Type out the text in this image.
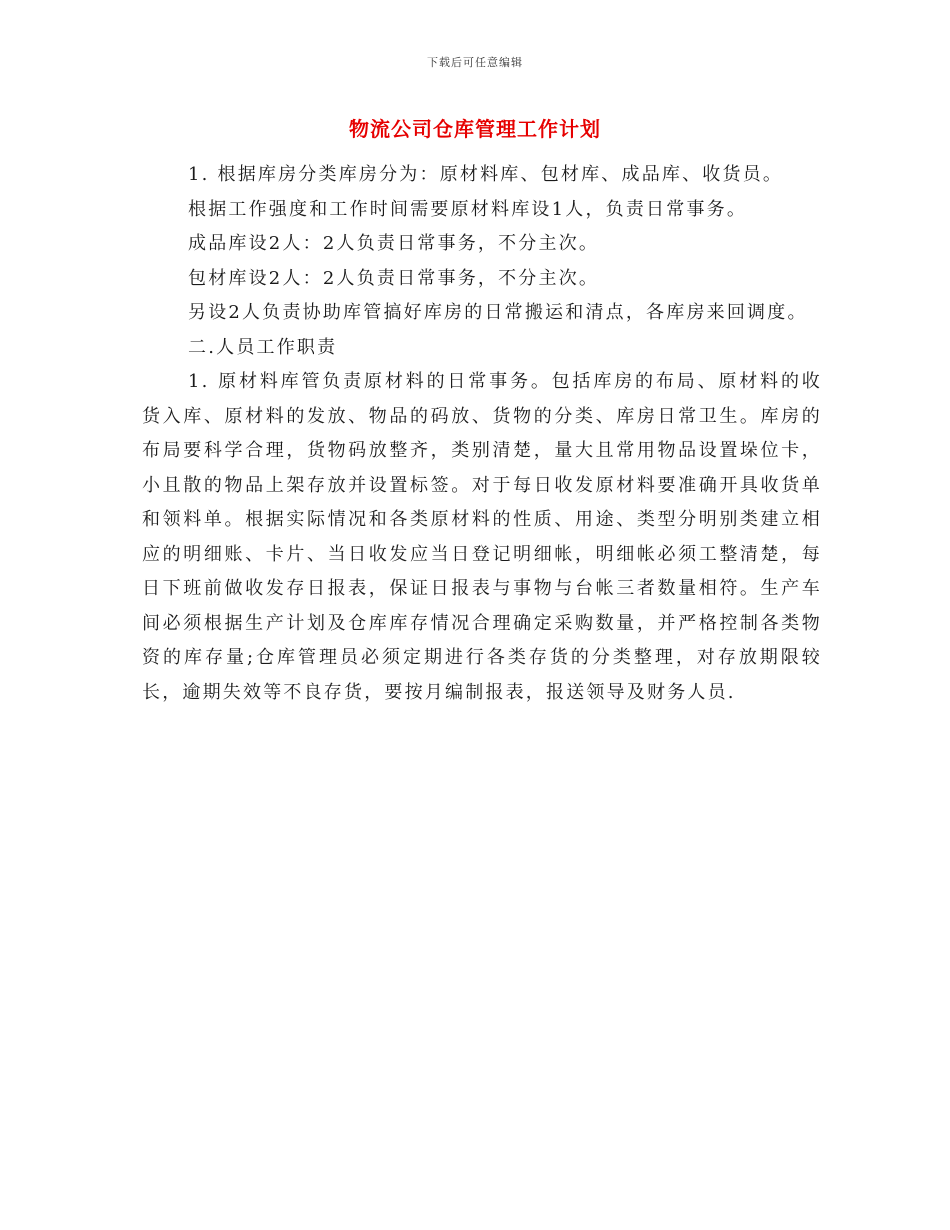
下载后可任意编辑
物流公司仓库管理工作计划

1. 根据库房分类库房分为：原材料库、包材库、成品库、收货员。

根据工作强度和工作时间需要原材料库设1人，负责日常事务。

成品库设2人：2人负责日常事务，不分主次。

包材库设2人：2人负责日常事务，不分主次。

另设2人负责协助库管搞好库房的日常搬运和清点，各库房来回调度。

二.人员工作职责

1. 原材料库管负责原材料的日常事务。包括库房的布局、原材料的收货入库、原材料的发放、物品的码放、货物的分类、库房日常卫生。库房的布局要科学合理，货物码放整齐，类别清楚，量大且常用物品设置垛位卡，小且散的物品上架存放并设置标签。对于每日收发原材料要准确开具收货单和领料单。根据实际情况和各类原材料的性质、用途、类型分明别类建立相应的明细账、卡片、当日收发应当日登记明细帐，明细帐必须工整清楚，每日下班前做收发存日报表，保证日报表与事物与台帐三者数量相符。生产车间必须根据生产计划及仓库库存情况合理确定采购数量，并严格控制各类物资的库存量;仓库管理员必须定期进行各类存货的分类整理，对存放期限较长，逾期失效等不良存货，要按月编制报表，报送领导及财务人员.
